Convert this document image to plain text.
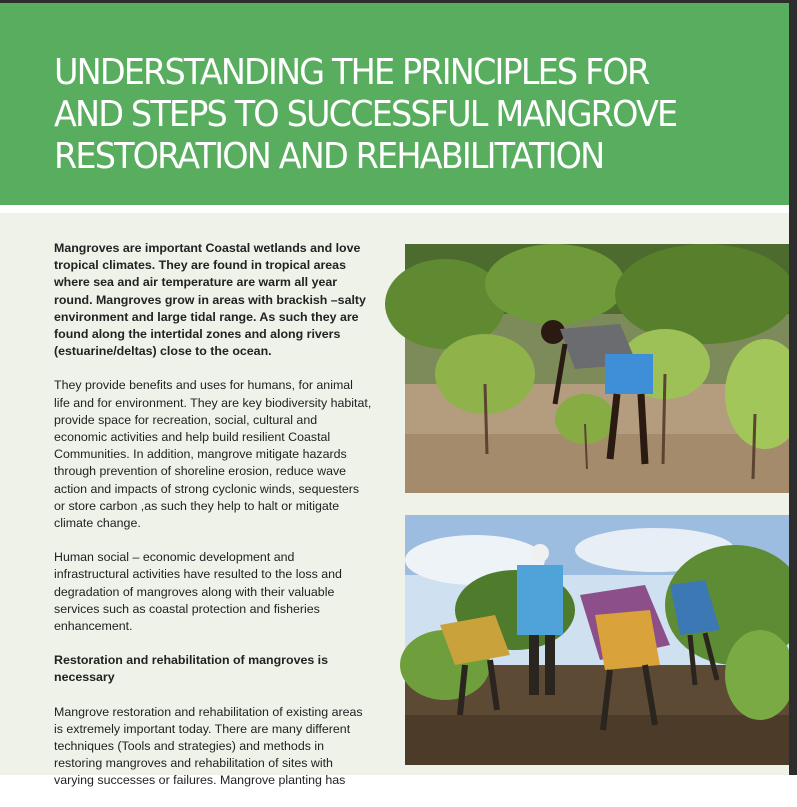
UNDERSTANDING THE PRINCIPLES FOR
AND STEPS TO SUCCESSFUL MANGROVE
RESTORATION AND REHABILITATION

Mangroves are important Coastal wetlands and love tropical climates. They are found in tropical areas where sea and air temperature are warm all year round. Mangroves grow in areas with brackish –salty environment and large tidal range. As such they are found along the intertidal zones and along rivers (estuarine/deltas) close to the ocean.

They provide benefits and uses for humans, for animal life and for environment. They are key biodiversity habitat, provide space for recreation, social, cultural and economic activities and help build resilient Coastal Communities. In addition, mangrove mitigate hazards through prevention of shoreline erosion, reduce wave action and impacts of strong cyclonic winds, sequesters or store carbon ,as such they help to halt or mitigate climate change.

Human social – economic development and infrastructural activities have resulted to the loss and degradation of mangroves along with their valuable services such as coastal protection and fisheries enhancement.

Restoration and rehabilitation of mangroves is necessary

Mangrove restoration and rehabilitation of existing areas is extremely important today. There are many different techniques (Tools and strategies) and methods in restoring mangroves and rehabilitation of sites with varying successes or failures. Mangrove planting has
